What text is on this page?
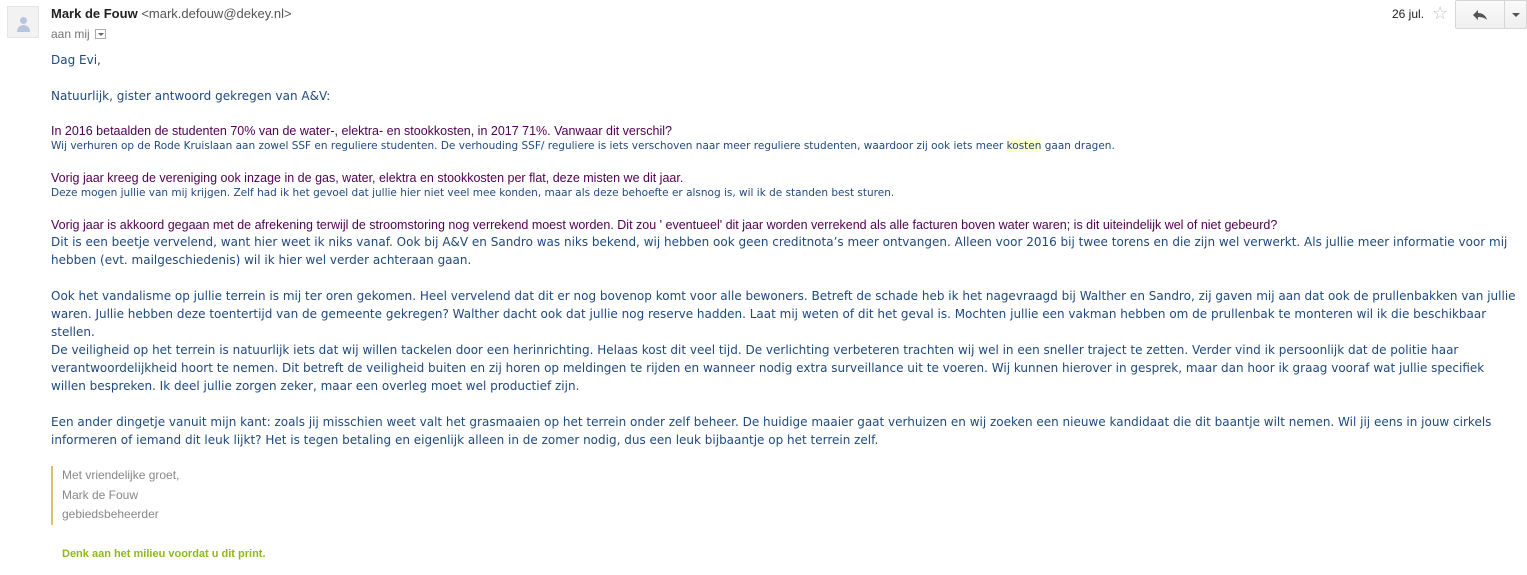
Mark de Fouw <mark.defouw@dekey.nl>
aan mij
26 jul. ☆
Dag Evi,
Natuurlijk, gister antwoord gekregen van A&V:
In 2016 betaalden de studenten 70% van de water-, elektra- en stookkosten, in 2017 71%. Vanwaar dit verschil?
Wij verhuren op de Rode Kruislaan aan zowel SSF en reguliere studenten. De verhouding SSF/ reguliere is iets verschoven naar meer reguliere studenten, waardoor zij ook iets meer kosten gaan dragen.
Vorig jaar kreeg de vereniging ook inzage in de gas, water, elektra en stookkosten per flat, deze misten we dit jaar.
Deze mogen jullie van mij krijgen. Zelf had ik het gevoel dat jullie hier niet veel mee konden, maar als deze behoefte er alsnog is, wil ik de standen best sturen.
Vorig jaar is akkoord gegaan met de afrekening terwijl de stroomstoring nog verrekend moest worden. Dit zou ' eventueel' dit jaar worden verrekend als alle facturen boven water waren; is dit uiteindelijk wel of niet gebeurd?
Dit is een beetje vervelend, want hier weet ik niks vanaf. Ook bij A&V en Sandro was niks bekend, wij hebben ook geen creditnota’s meer ontvangen. Alleen voor 2016 bij twee torens en die zijn wel verwerkt. Als jullie meer informatie voor mij hebben (evt. mailgeschiedenis) wil ik hier wel verder achteraan gaan.
Ook het vandalisme op jullie terrein is mij ter oren gekomen. Heel vervelend dat dit er nog bovenop komt voor alle bewoners. Betreft de schade heb ik het nagevraagd bij Walther en Sandro, zij gaven mij aan dat ook de prullenbakken van jullie waren. Jullie hebben deze toentertijd van de gemeente gekregen? Walther dacht ook dat jullie nog reserve hadden. Laat mij weten of dit het geval is. Mochten jullie een vakman hebben om de prullenbak te monteren wil ik die beschikbaar stellen.
De veiligheid op het terrein is natuurlijk iets dat wij willen tackelen door een herinrichting. Helaas kost dit veel tijd. De verlichting verbeteren trachten wij wel in een sneller traject te zetten. Verder vind ik persoonlijk dat de politie haar verantwoordelijkheid hoort te nemen. Dit betreft de veiligheid buiten en zij horen op meldingen te rijden en wanneer nodig extra surveillance uit te voeren. Wij kunnen hierover in gesprek, maar dan hoor ik graag vooraf wat jullie specifiek willen bespreken. Ik deel jullie zorgen zeker, maar een overleg moet wel productief zijn.
Een ander dingetje vanuit mijn kant: zoals jij misschien weet valt het grasmaaien op het terrein onder zelf beheer. De huidige maaier gaat verhuizen en wij zoeken een nieuwe kandidaat die dit baantje wilt nemen. Wil jij eens in jouw cirkels informeren of iemand dit leuk lijkt? Het is tegen betaling en eigenlijk alleen in de zomer nodig, dus een leuk bijbaantje op het terrein zelf.
Met vriendelijke groet,
Mark de Fouw
gebiedsbeheerder
Denk aan het milieu voordat u dit print.
